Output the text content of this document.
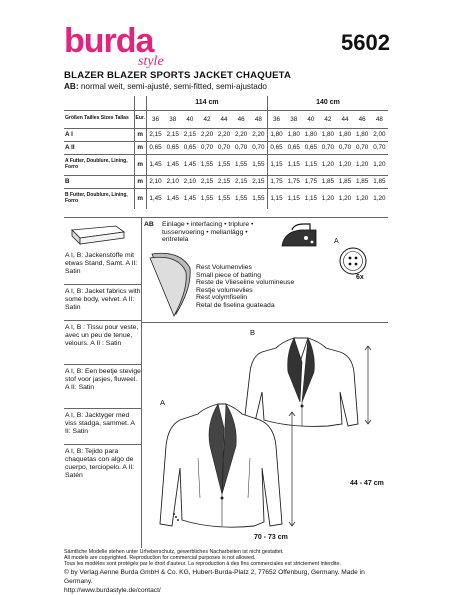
burda
style
5602
BLAZER BLAZER SPORTS JACKET CHAQUETA
AB: normal weit, semi-ajusté, semi-fitted, semi-ajustado
		114 cm							140 cm						
Größen Tailles Sizes Tallas	Eur.	36	38	40	42	44	46	48	36	38	40	42	44	46	48
A I	m	2,15	2,15	2,15	2,20	2,20	2,20	2,20	1,80	1,80	1,80	1,80	1,80	1,80	2,00
A II	m	0,65	0,65	0,65	0,70	0,70	0,70	0,70	0,65	0,65	0,65	0,70	0,70	0,70	0,70
A Futter, Doublure, Lining, Forro	m	1,45	1,45	1,45	1,55	1,55	1,55	1,55	1,15	1,15	1,15	1,20	1,20	1,20	1,20
B	m	2,10	2,10	2,10	2,15	2,15	2,15	2,15	1,75	1,75	1,75	1,85	1,85	1,85	1,85
B Futter, Doublure, Lining, Forro	m	1,45	1,45	1,45	1,55	1,55	1,55	1,55	1,15	1,15	1,15	1,20	1,20	1,20	1,20
A I, B: Jackenstoffe mit etwas Stand, Samt. A II: Satin
A I, B: Jacket fabrics with some body, velvet. A II: Satin
A I, B : Tissu pour veste, avec un peu de tenue, velours. A II : Satin
A I, B: Een beetje stevige stof voor jasjes, fluweel. A II: Satin
A I, B: Jacktyger med viss stadga, sammet. A II: Satin
A I, B: Tejido para chaquetas con algo de cuerpo, terciopelo. A II: Satén
AB Einlage • interfacing • triplure •
tussenvoering • mellanlägg •
entretela	A
6x
Rest Volumenvlies
Small piece of batting
Reste de Vlieseline volumineuse
Restje volumevlies
Rest volymfiselin
Retal de fiselina guateada
B
44 - 47 cm
A
70 - 73 cm
Sämtliche Modelle stehen unter Urheberschutz, gewerbliches Nacharbeiten ist nicht gestattet.
All models are copyrighted. Reproduction for commercial purposes is not allowed.
Tous les modèles sont protégés par le droit d'auteur. La reproduction à des fins commerciales est strictement interdite.
© by Verlag Aenne Burda GmbH & Co. KG, Hubert-Burda-Platz 2, 77652 Offenburg, Germany. Made in Germany.
http://www.burdastyle.de/contact/
